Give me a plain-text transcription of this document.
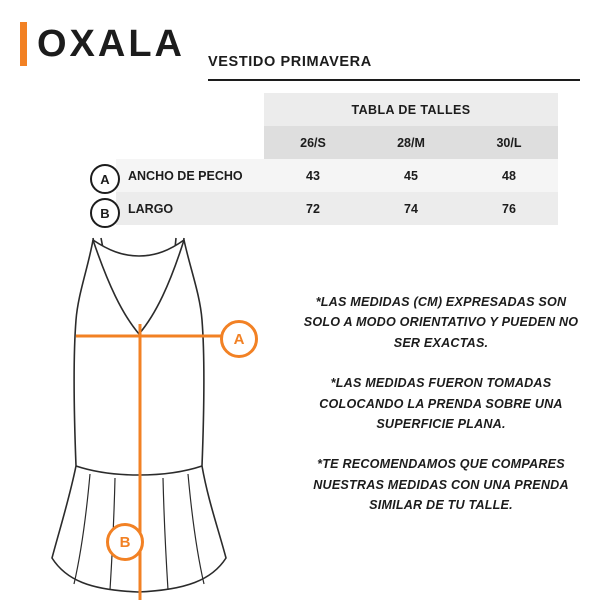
OXALA VESTIDO PRIMAVERA
	TABLA DE TALLES		
	26/S	28/M	30/L
ANCHO DE PECHO	43	45	48
LARGO	72	74	76
A
B
A
B
*LAS MEDIDAS (CM) EXPRESADAS SON SOLO A MODO ORIENTATIVO Y PUEDEN NO SER EXACTAS.
*LAS MEDIDAS FUERON TOMADAS COLOCANDO LA PRENDA SOBRE UNA SUPERFICIE PLANA.
*TE RECOMENDAMOS QUE COMPARES NUESTRAS MEDIDAS CON UNA PRENDA SIMILAR DE TU TALLE.
